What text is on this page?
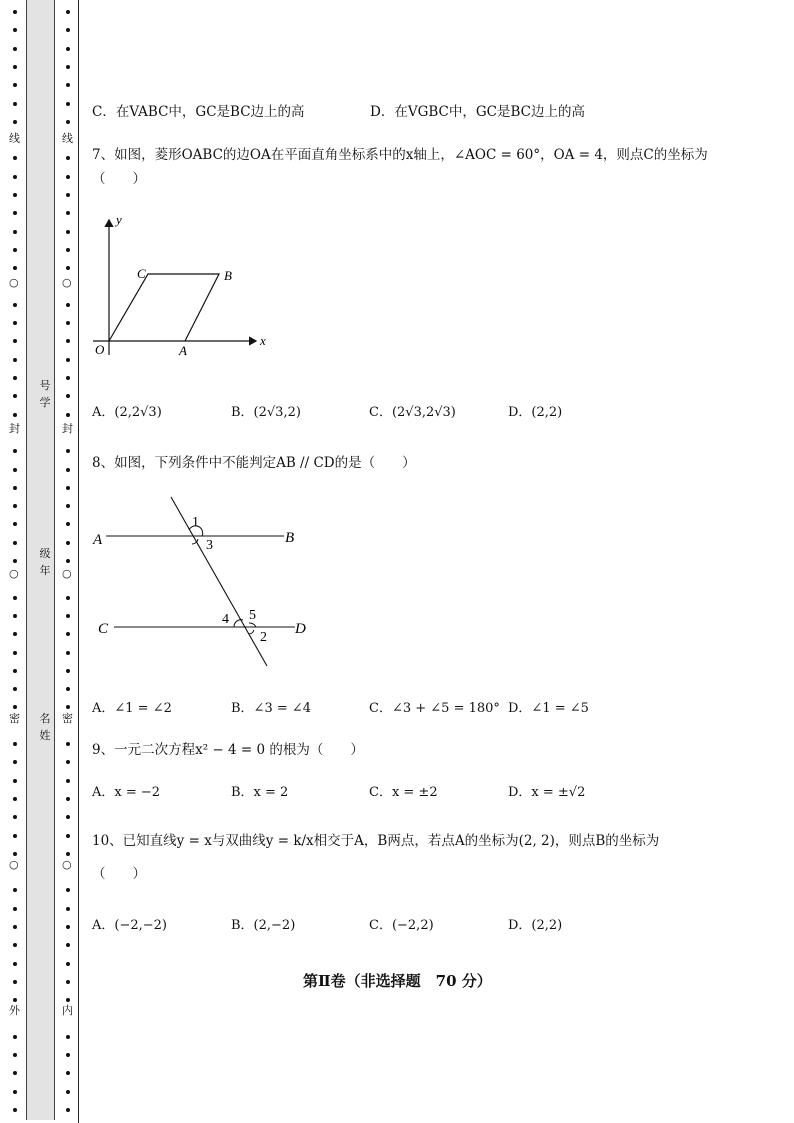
线
○
封
○
密
○
外
线
○
封
○
密
○
内
号学
级年
名姓
C．在VABC中，GC是BC边上的高	D．在VGBC中，GC是BC边上的高
7、如图，菱形OABC的边OA在平面直角坐标系中的x轴上，∠AOC = 60°，OA = 4，则点C的坐标为
（　　）
y
x
O	A
B
C
A．(2,2√3)	B．(2√3,2)	C．(2√3,2√3)	D．(2,2)
8、如图，下列条件中不能判定AB // CD的是（　　）
A	B
C	D
1
3
4 5
2
A．∠1 = ∠2	B．∠3 = ∠4	C．∠3 + ∠5 = 180° D．∠1 = ∠5
9、一元二次方程x² − 4 = 0 的根为（　　）
A．x = −2	B．x = 2	C．x = ±2	D．x = ±√2
10、已知直线y = x与双曲线y = k/x相交于A，B两点，若点A的坐标为(2, 2)，则点B的坐标为
（　　）
A．(−2,−2)	B．(2,−2)	C．(−2,2)	D．(2,2)
第Ⅱ卷（非选择题　70 分）
